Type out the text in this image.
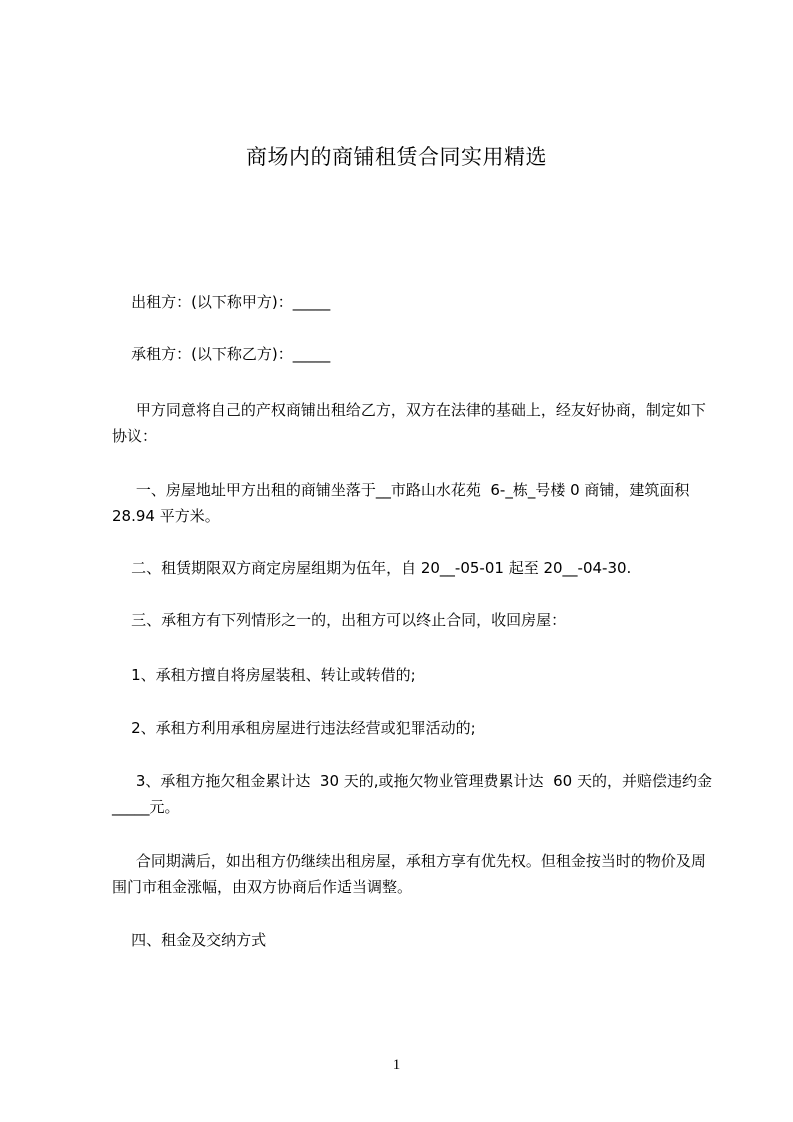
商场内的商铺租赁合同实用精选

出租方：(以下称甲方)：_____

承租方：(以下称乙方)：_____

甲方同意将自己的产权商铺出租给乙方，双方在法律的基础上，经友好协商，制定如下协议：

一、房屋地址甲方出租的商铺坐落于__市路山水花苑  6-_栋_号楼 0 商铺，建筑面积 28.94 平方米。

二、租赁期限双方商定房屋组期为伍年，自 20__-05-01 起至 20__-04-30.

三、承租方有下列情形之一的，出租方可以终止合同，收回房屋：

1、承租方擅自将房屋装租、转让或转借的;

2、承租方利用承租房屋进行违法经营或犯罪活动的;

3、承租方拖欠租金累计达  30 天的,或拖欠物业管理费累计达  60 天的，并赔偿违约金_____元。

合同期满后，如出租方仍继续出租房屋，承租方享有优先权。但租金按当时的物价及周围门市租金涨幅，由双方协商后作适当调整。

四、租金及交纳方式

1
